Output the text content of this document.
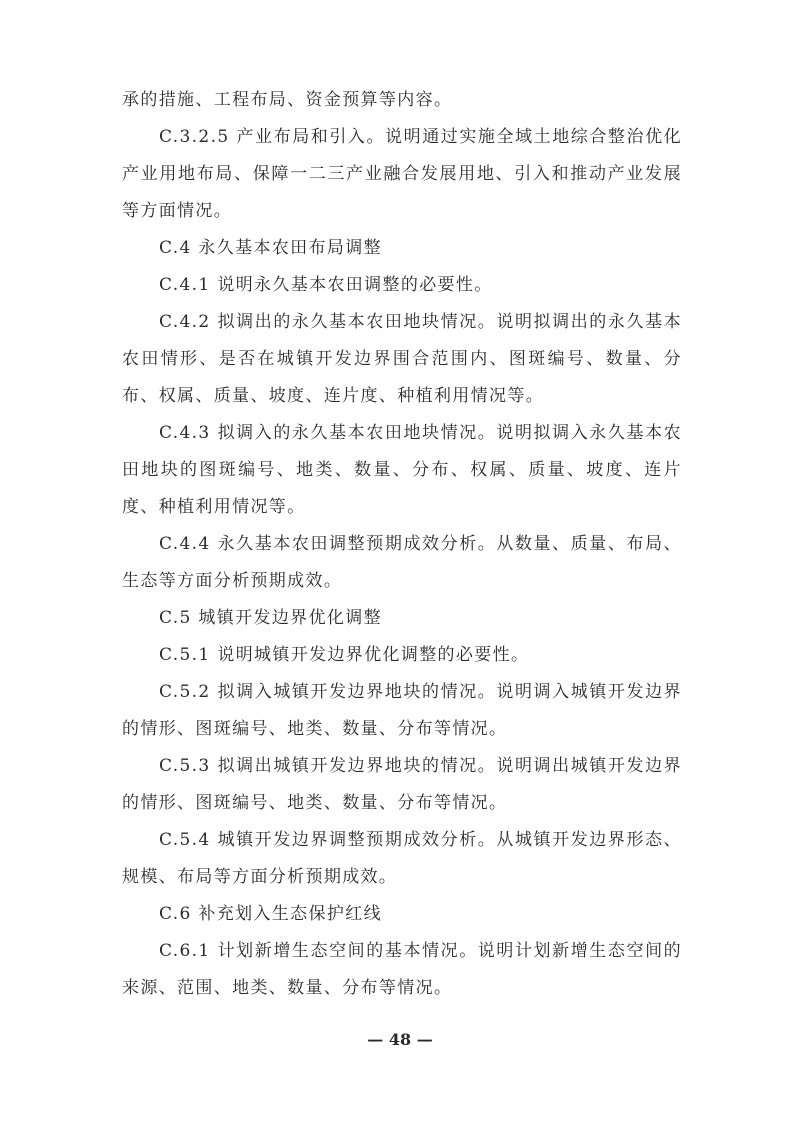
承的措施、工程布局、资金预算等内容。

C.3.2.5 产业布局和引入。说明通过实施全域土地综合整治优化产业用地布局、保障一二三产业融合发展用地、引入和推动产业发展等方面情况。

C.4 永久基本农田布局调整

C.4.1 说明永久基本农田调整的必要性。

C.4.2 拟调出的永久基本农田地块情况。说明拟调出的永久基本农田情形、是否在城镇开发边界围合范围内、图斑编号、数量、分布、权属、质量、坡度、连片度、种植利用情况等。

C.4.3 拟调入的永久基本农田地块情况。说明拟调入永久基本农田地块的图斑编号、地类、数量、分布、权属、质量、坡度、连片度、种植利用情况等。

C.4.4 永久基本农田调整预期成效分析。从数量、质量、布局、生态等方面分析预期成效。

C.5 城镇开发边界优化调整

C.5.1 说明城镇开发边界优化调整的必要性。

C.5.2 拟调入城镇开发边界地块的情况。说明调入城镇开发边界的情形、图斑编号、地类、数量、分布等情况。

C.5.3 拟调出城镇开发边界地块的情况。说明调出城镇开发边界的情形、图斑编号、地类、数量、分布等情况。

C.5.4 城镇开发边界调整预期成效分析。从城镇开发边界形态、规模、布局等方面分析预期成效。

C.6 补充划入生态保护红线

C.6.1 计划新增生态空间的基本情况。说明计划新增生态空间的来源、范围、地类、数量、分布等情况。

— 48 —
